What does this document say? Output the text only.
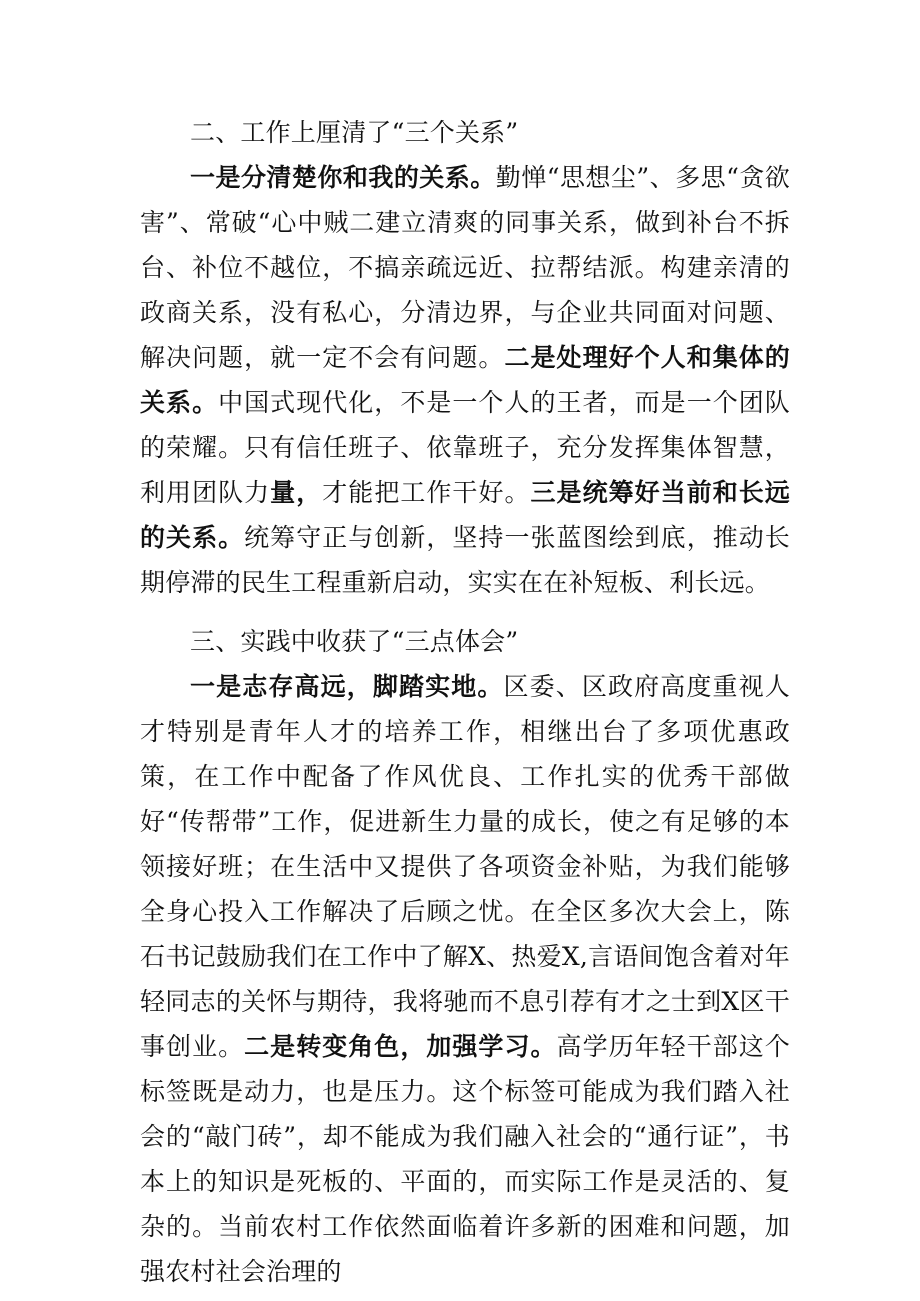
二、工作上厘清了“三个关系”

一是分清楚你和我的关系。勤惮“思想尘”、多思“贪欲害”、常破“心中贼二建立清爽的同事关系，做到补台不拆台、补位不越位，不搞亲疏远近、拉帮结派。构建亲清的政商关系，没有私心，分清边界，与企业共同面对问题、解决问题，就一定不会有问题。二是处理好个人和集体的关系。中国式现代化，不是一个人的王者，而是一个团队的荣耀。只有信任班子、依靠班子，充分发挥集体智慧，利用团队力量，才能把工作干好。三是统筹好当前和长远的关系。统筹守正与创新，坚持一张蓝图绘到底，推动长期停滞的民生工程重新启动，实实在在补短板、利长远。

三、实践中收获了“三点体会”

一是志存高远，脚踏实地。区委、区政府高度重视人才特别是青年人才的培养工作，相继出台了多项优惠政策，在工作中配备了作风优良、工作扎实的优秀干部做好“传帮带”工作，促进新生力量的成长，使之有足够的本领接好班；在生活中又提供了各项资金补贴，为我们能够全身心投入工作解决了后顾之忧。在全区多次大会上，陈石书记鼓励我们在工作中了解X、热爱X,言语间饱含着对年轻同志的关怀与期待，我将驰而不息引荐有才之士到X区干事创业。二是转变角色，加强学习。高学历年轻干部这个标签既是动力，也是压力。这个标签可能成为我们踏入社会的“敲门砖”，却不能成为我们融入社会的“通行证”，书本上的知识是死板的、平面的，而实际工作是灵活的、复杂的。当前农村工作依然面临着许多新的困难和问题，加强农村社会治理的
